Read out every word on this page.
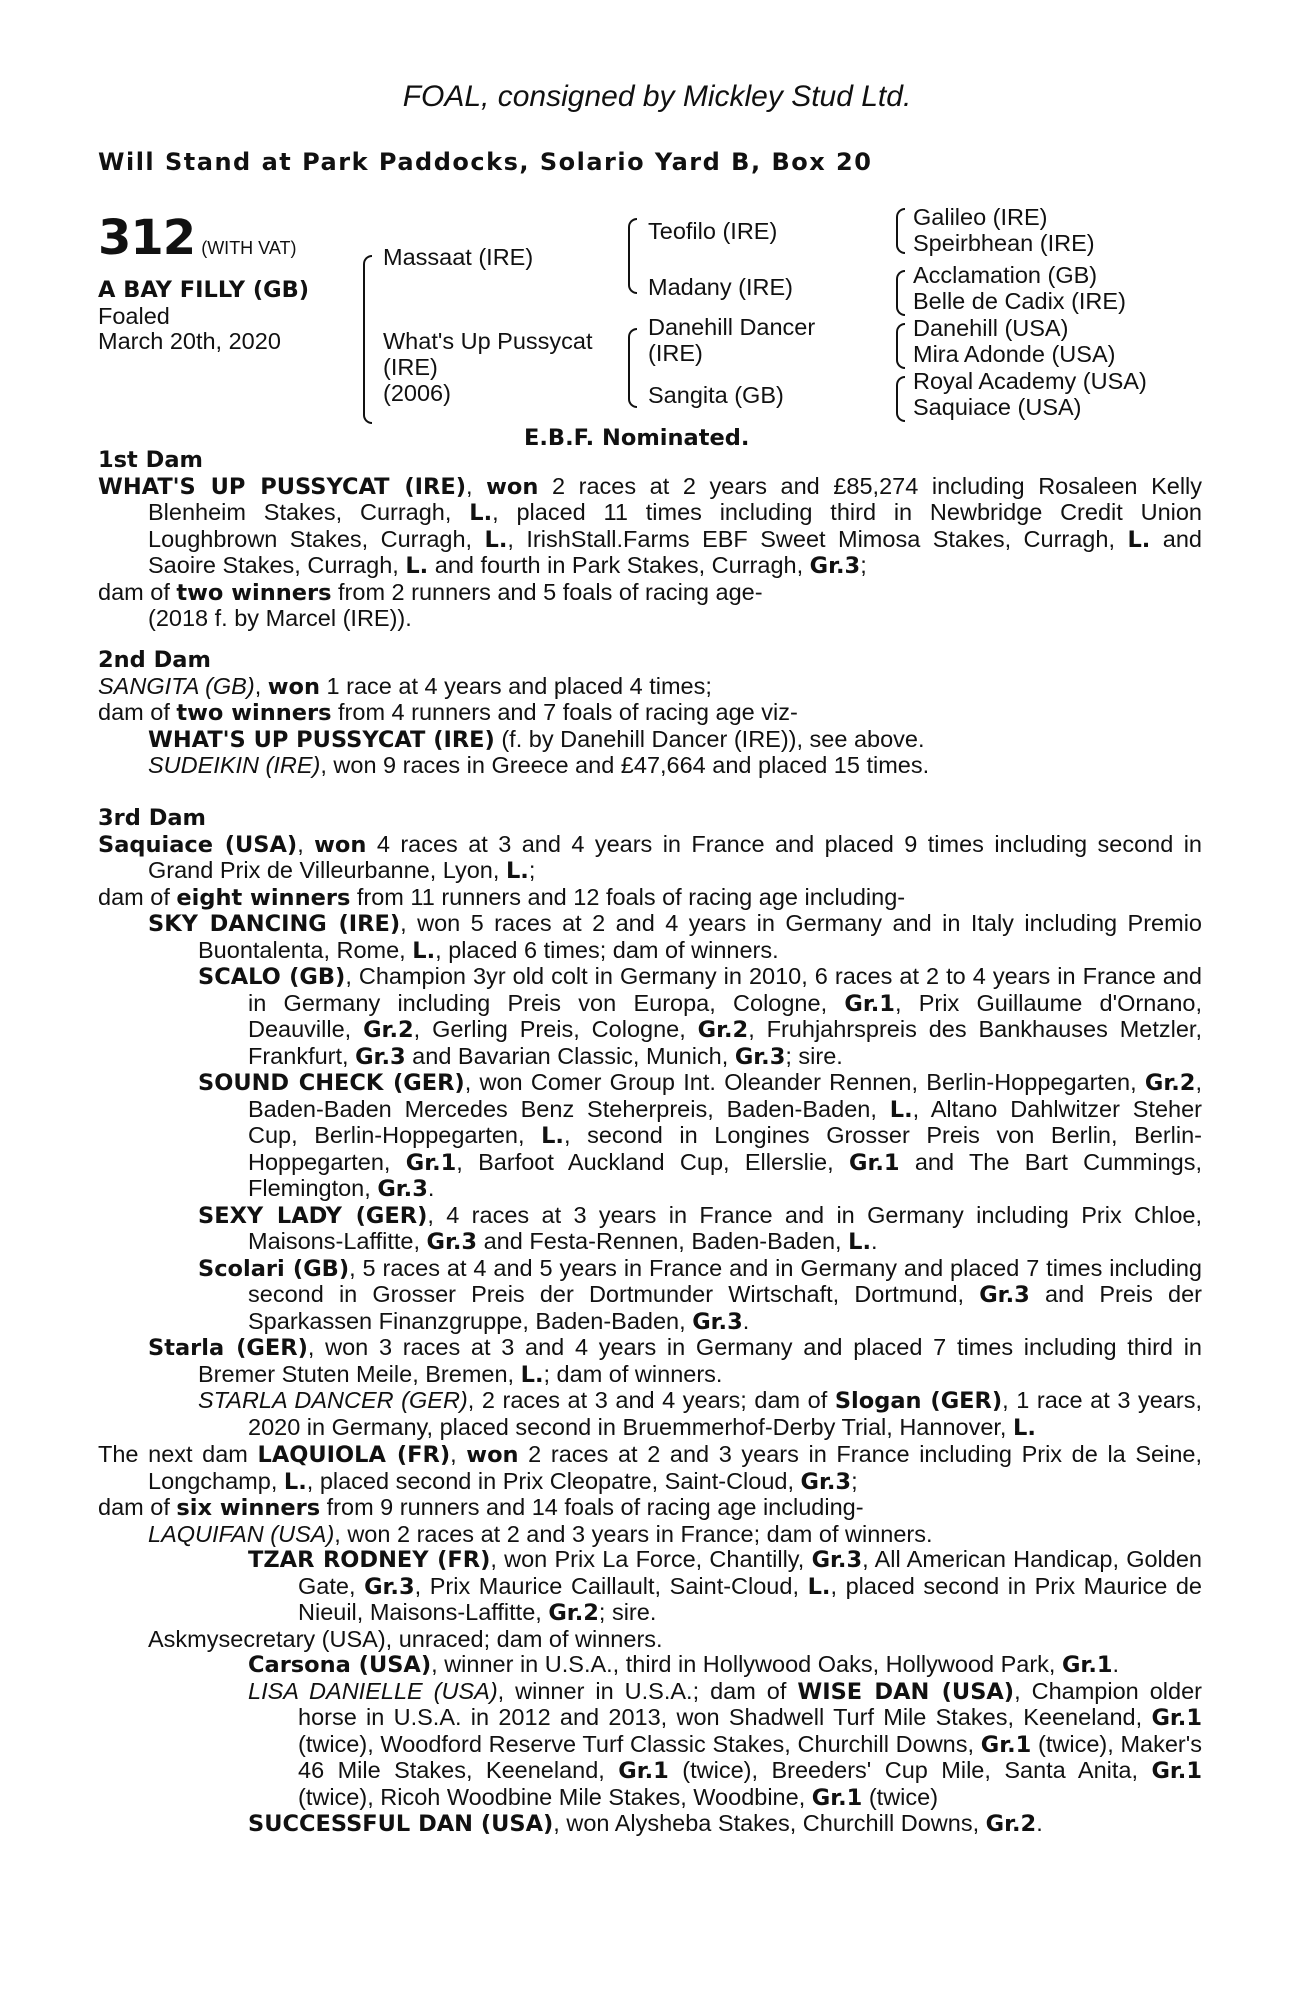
FOAL, consigned by Mickley Stud Ltd.
Will Stand at Park Paddocks, Solario Yard B, Box 20
312 (WITH VAT)
A BAY FILLY (GB)
Foaled
March 20th, 2020
Massaat (IRE)
What's Up Pussycat
(IRE)
(2006)
Teofilo (IRE)
Madany (IRE)
Danehill Dancer
(IRE)
Sangita (GB)
Galileo (IRE)
Speirbhean (IRE)
Acclamation (GB)
Belle de Cadix (IRE)
Danehill (USA)
Mira Adonde (USA)
Royal Academy (USA)
Saquiace (USA)
E.B.F. Nominated.
1st Dam
WHAT'S UP PUSSYCAT (IRE), won 2 races at 2 years and £85,274 including Rosaleen Kelly Blenheim Stakes, Curragh, L., placed 11 times including third in Newbridge Credit Union Loughbrown Stakes, Curragh, L., IrishStall.Farms EBF Sweet Mimosa Stakes, Curragh, L. and Saoire Stakes, Curragh, L. and fourth in Park Stakes, Curragh, Gr.3;
dam of two winners from 2 runners and 5 foals of racing age-
(2018 f. by Marcel (IRE)).
2nd Dam
SANGITA (GB), won 1 race at 4 years and placed 4 times;
dam of two winners from 4 runners and 7 foals of racing age viz-
WHAT'S UP PUSSYCAT (IRE) (f. by Danehill Dancer (IRE)), see above.
SUDEIKIN (IRE), won 9 races in Greece and £47,664 and placed 15 times.
3rd Dam
Saquiace (USA), won 4 races at 3 and 4 years in France and placed 9 times including second in Grand Prix de Villeurbanne, Lyon, L.;
dam of eight winners from 11 runners and 12 foals of racing age including-
SKY DANCING (IRE), won 5 races at 2 and 4 years in Germany and in Italy including Premio Buontalenta, Rome, L., placed 6 times; dam of winners.
SCALO (GB), Champion 3yr old colt in Germany in 2010, 6 races at 2 to 4 years in France and in Germany including Preis von Europa, Cologne, Gr.1, Prix Guillaume d'Ornano, Deauville, Gr.2, Gerling Preis, Cologne, Gr.2, Fruhjahrspreis des Bankhauses Metzler, Frankfurt, Gr.3 and Bavarian Classic, Munich, Gr.3; sire.
SOUND CHECK (GER), won Comer Group Int. Oleander Rennen, Berlin-Hoppegarten, Gr.2, Baden-Baden Mercedes Benz Steherpreis, Baden-Baden, L., Altano Dahlwitzer Steher Cup, Berlin-Hoppegarten, L., second in Longines Grosser Preis von Berlin, Berlin-Hoppegarten, Gr.1, Barfoot Auckland Cup, Ellerslie, Gr.1 and The Bart Cummings, Flemington, Gr.3.
SEXY LADY (GER), 4 races at 3 years in France and in Germany including Prix Chloe, Maisons-Laffitte, Gr.3 and Festa-Rennen, Baden-Baden, L..
Scolari (GB), 5 races at 4 and 5 years in France and in Germany and placed 7 times including second in Grosser Preis der Dortmunder Wirtschaft, Dortmund, Gr.3 and Preis der Sparkassen Finanzgruppe, Baden-Baden, Gr.3.
Starla (GER), won 3 races at 3 and 4 years in Germany and placed 7 times including third in Bremer Stuten Meile, Bremen, L.; dam of winners.
STARLA DANCER (GER), 2 races at 3 and 4 years; dam of Slogan (GER), 1 race at 3 years, 2020 in Germany, placed second in Bruemmerhof-Derby Trial, Hannover, L.
The next dam LAQUIOLA (FR), won 2 races at 2 and 3 years in France including Prix de la Seine, Longchamp, L., placed second in Prix Cleopatre, Saint-Cloud, Gr.3;
dam of six winners from 9 runners and 14 foals of racing age including-
LAQUIFAN (USA), won 2 races at 2 and 3 years in France; dam of winners.
TZAR RODNEY (FR), won Prix La Force, Chantilly, Gr.3, All American Handicap, Golden Gate, Gr.3, Prix Maurice Caillault, Saint-Cloud, L., placed second in Prix Maurice de Nieuil, Maisons-Laffitte, Gr.2; sire.
Askmysecretary (USA), unraced; dam of winners.
Carsona (USA), winner in U.S.A., third in Hollywood Oaks, Hollywood Park, Gr.1.
LISA DANIELLE (USA), winner in U.S.A.; dam of WISE DAN (USA), Champion older horse in U.S.A. in 2012 and 2013, won Shadwell Turf Mile Stakes, Keeneland, Gr.1 (twice), Woodford Reserve Turf Classic Stakes, Churchill Downs, Gr.1 (twice), Maker's 46 Mile Stakes, Keeneland, Gr.1 (twice), Breeders' Cup Mile, Santa Anita, Gr.1 (twice), Ricoh Woodbine Mile Stakes, Woodbine, Gr.1 (twice)
SUCCESSFUL DAN (USA), won Alysheba Stakes, Churchill Downs, Gr.2.
